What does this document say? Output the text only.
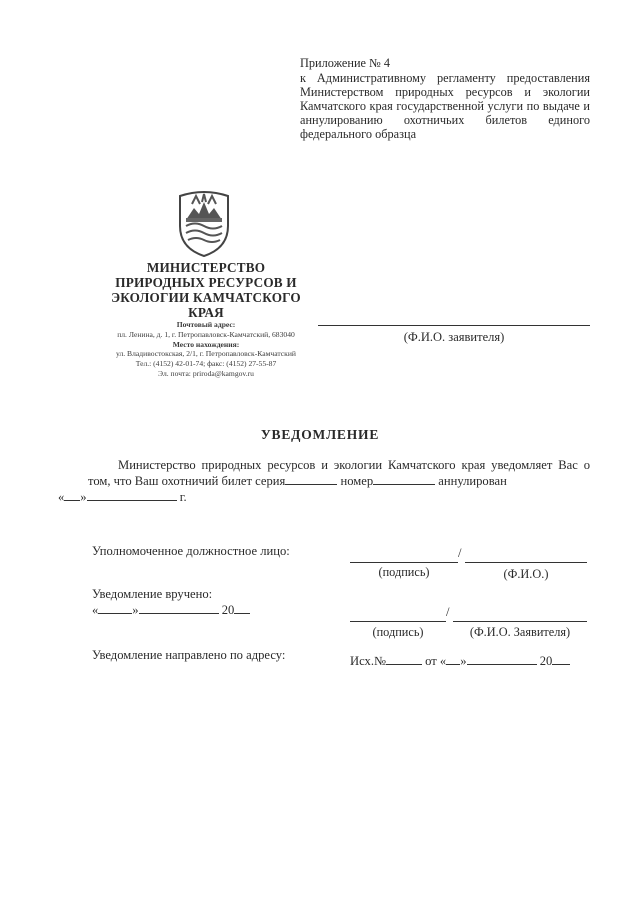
Приложение № 4
к Административному регламенту предоставления Министерством природных ресурсов и экологии Камчатского края государственной услуги по выдаче и аннулированию охотничьих билетов единого федерального образца
МИНИСТЕРСТВО
ПРИРОДНЫХ РЕСУРСОВ И
ЭКОЛОГИИ КАМЧАТСКОГО
КРАЯ
Почтовый адрес:
пл. Ленина, д. 1, г. Петропавловск-Камчатский, 683040
Место нахождения:
ул. Владивостокская, 2/1, г. Петропавловск-Камчатский
Тел.: (4152) 42-01-74; факс: (4152) 27-55-87
Эл. почта: priroda@kamgov.ru
(Ф.И.О. заявителя)
УВЕДОМЛЕНИЕ
Министерство природных ресурсов и экологии Камчатского края уведомляет Вас о том, что Ваш охотничий билет серия	номер	аннулирован
« »	г.
Уполномоченное должностное лицо:	/
(подпись)	(Ф.И.О.)
Уведомление вручено:
«	»	20	/
(подпись)	(Ф.И.О. Заявителя)
Уведомление направлено по адресу:	Исх.№	от « »	20
